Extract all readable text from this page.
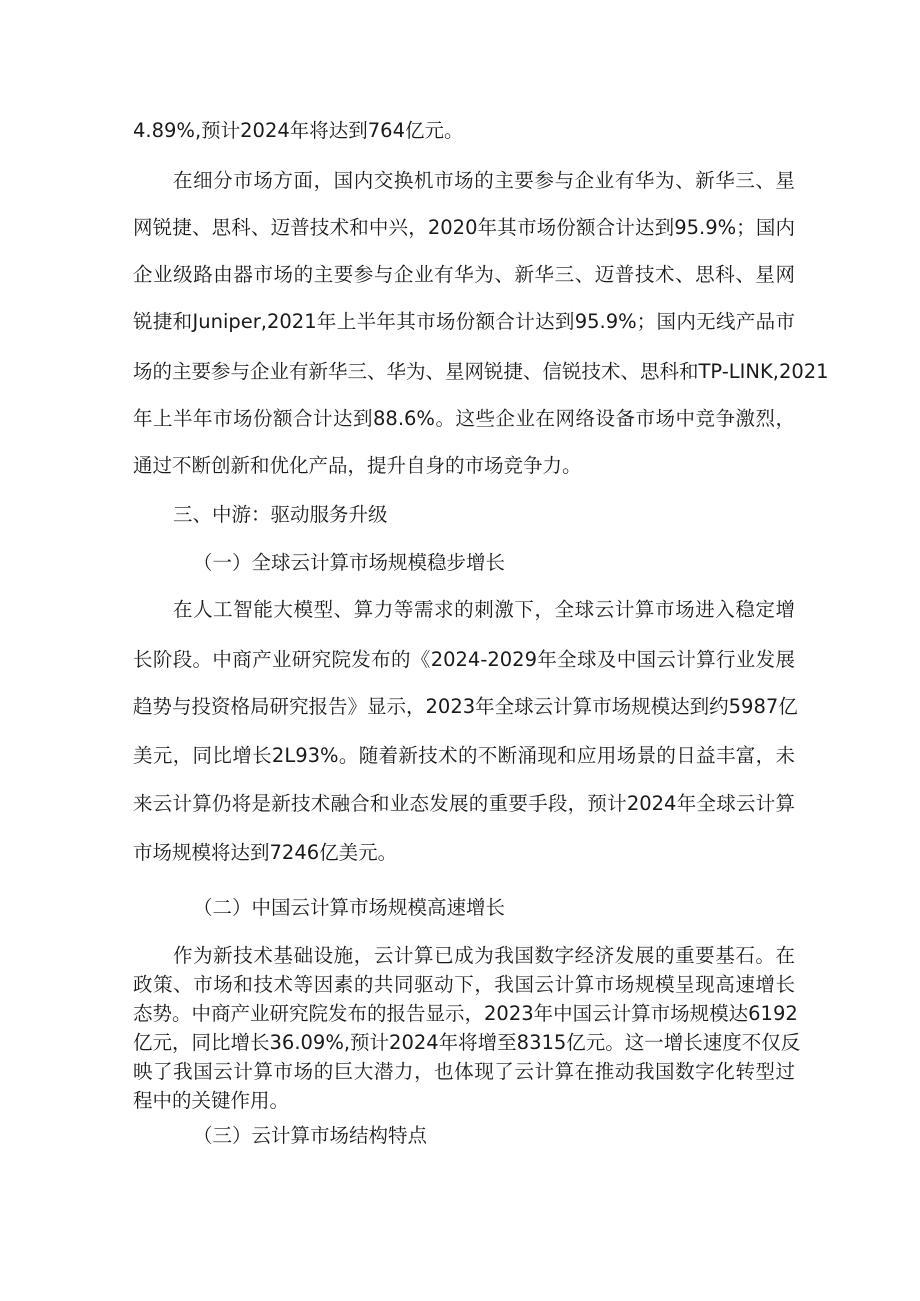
4.89%,预计2024年将达到764亿元。
在细分市场方面，国内交换机市场的主要参与企业有华为、新华三、星
网锐捷、思科、迈普技术和中兴，2020年其市场份额合计达到95.9%；国内
企业级路由器市场的主要参与企业有华为、新华三、迈普技术、思科、星网
锐捷和Juniper,2021年上半年其市场份额合计达到95.9%；国内无线产品市
场的主要参与企业有新华三、华为、星网锐捷、信锐技术、思科和TP-LINK,2021
年上半年市场份额合计达到88.6%。这些企业在网络设备市场中竞争激烈，
通过不断创新和优化产品，提升自身的市场竞争力。
三、中游：驱动服务升级
（一）全球云计算市场规模稳步增长
在人工智能大模型、算力等需求的刺激下，全球云计算市场进入稳定增
长阶段。中商产业研究院发布的《2024-2029年全球及中国云计算行业发展
趋势与投资格局研究报告》显示，2023年全球云计算市场规模达到约5987亿
美元，同比增长2L93%。随着新技术的不断涌现和应用场景的日益丰富，未
来云计算仍将是新技术融合和业态发展的重要手段，预计2024年全球云计算
市场规模将达到7246亿美元。
（二）中国云计算市场规模高速增长
作为新技术基础设施，云计算已成为我国数字经济发展的重要基石。在
政策、市场和技术等因素的共同驱动下，我国云计算市场规模呈现高速增长
态势。中商产业研究院发布的报告显示，2023年中国云计算市场规模达6192
亿元，同比增长36.09%,预计2024年将增至8315亿元。这一增长速度不仅反
映了我国云计算市场的巨大潜力，也体现了云计算在推动我国数字化转型过
程中的关键作用。
（三）云计算市场结构特点
